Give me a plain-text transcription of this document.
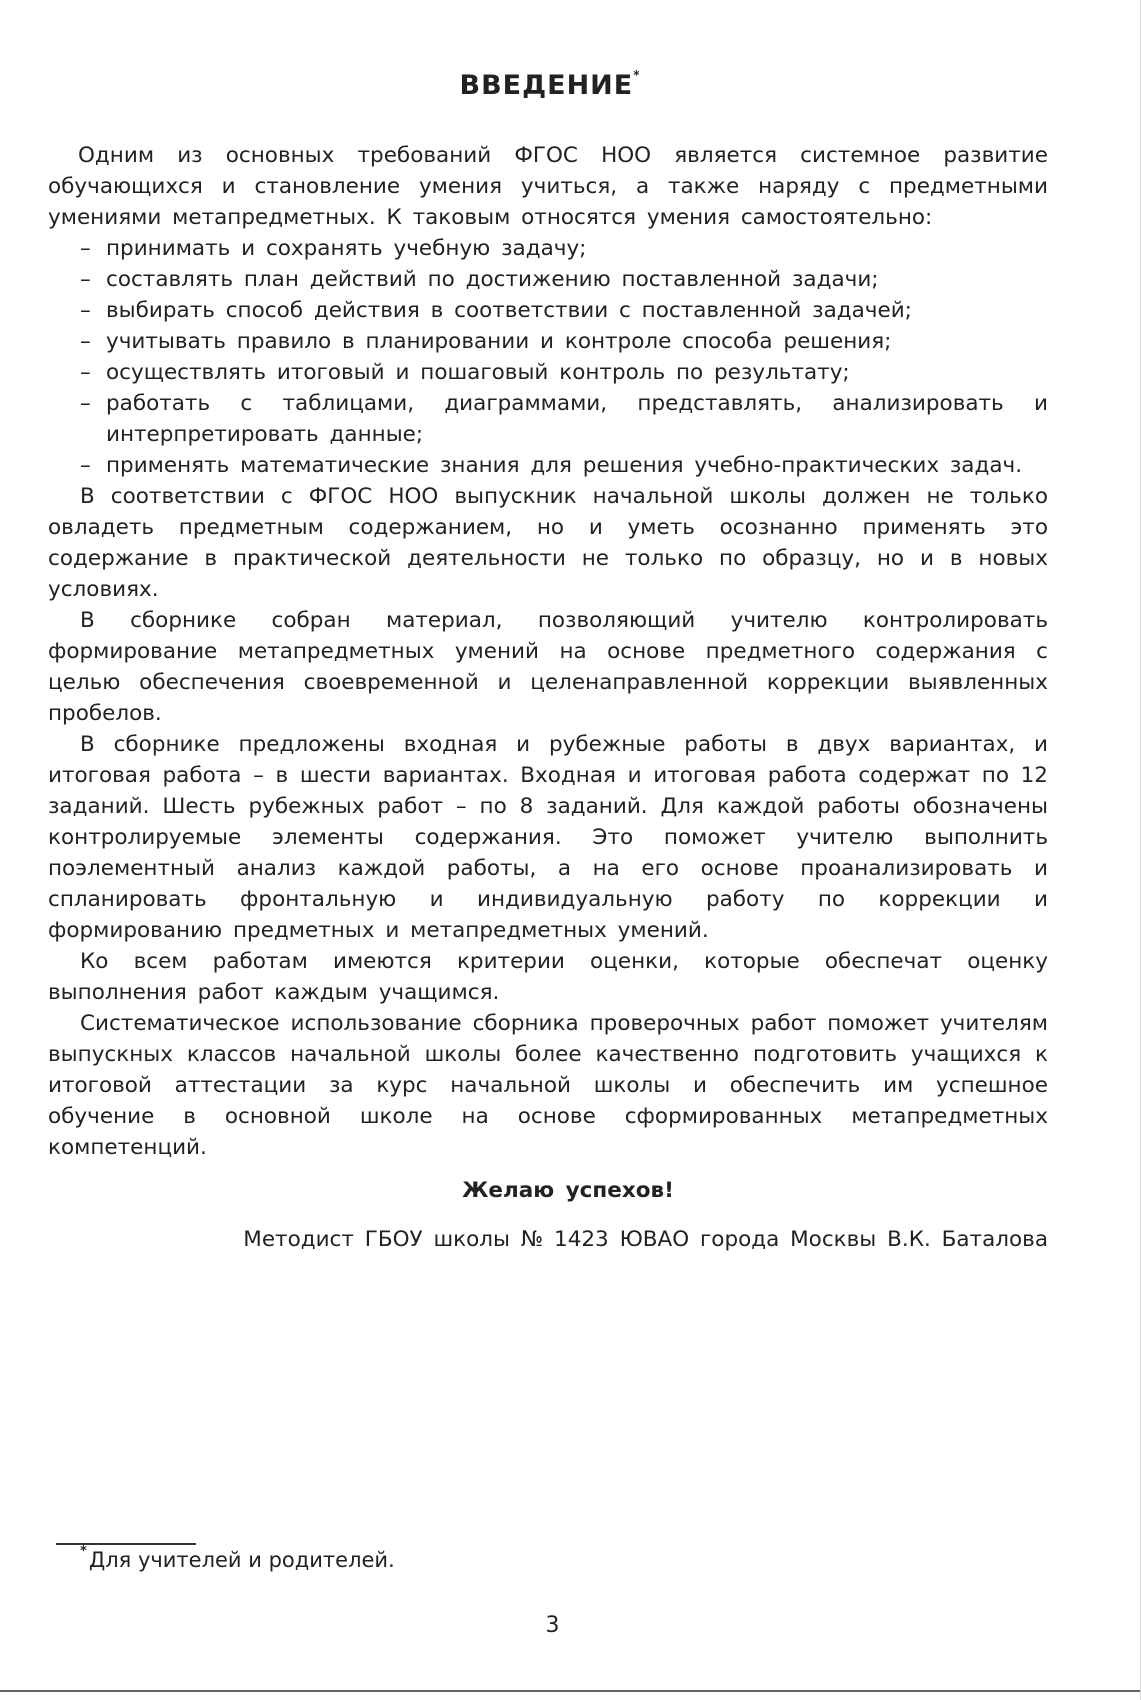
ВВЕДЕНИЕ*

Одним из основных требований ФГОС НОО является системное развитие обучающихся и становление умения учиться, а также наряду с предметными умениями метапредметных. К таковым относятся умения самостоятельно:

– принимать и сохранять учебную задачу;
– составлять план действий по достижению поставленной задачи;
– выбирать способ действия в соответствии с поставленной задачей;
– учитывать правило в планировании и контроле способа решения;
– осуществлять итоговый и пошаговый контроль по результату;
– работать с таблицами, диаграммами, представлять, анализировать и интерпретировать данные;
– применять математические знания для решения учебно-практических задач.

В соответствии с ФГОС НОО выпускник начальной школы должен не только овладеть предметным содержанием, но и уметь осознанно применять это содержание в практической деятельности не только по образцу, но и в новых условиях.

В сборнике собран материал, позволяющий учителю контролировать формирование метапредметных умений на основе предметного содержания с целью обеспечения своевременной и целенаправленной коррекции выявленных пробелов.

В сборнике предложены входная и рубежные работы в двух вариантах, и итоговая работа – в шести вариантах. Входная и итоговая работа содержат по 12 заданий. Шесть рубежных работ – по 8 заданий. Для каждой работы обозначены контролируемые элементы содержания. Это поможет учителю выполнить поэлементный анализ каждой работы, а на его основе проанализировать и спланировать фронтальную и индивидуальную работу по коррекции и формированию предметных и метапредметных умений.

Ко всем работам имеются критерии оценки, которые обеспечат оценку выполнения работ каждым учащимся.

Систематическое использование сборника проверочных работ поможет учителям выпускных классов начальной школы более качественно подготовить учащихся к итоговой аттестации за курс начальной школы и обеспечить им успешное обучение в основной школе на основе сформированных метапредметных компетенций.

Желаю успехов!
Методист ГБОУ школы № 1423 ЮВАО города Москвы В.К. Баталова
*Для учителей и родителей.
3
